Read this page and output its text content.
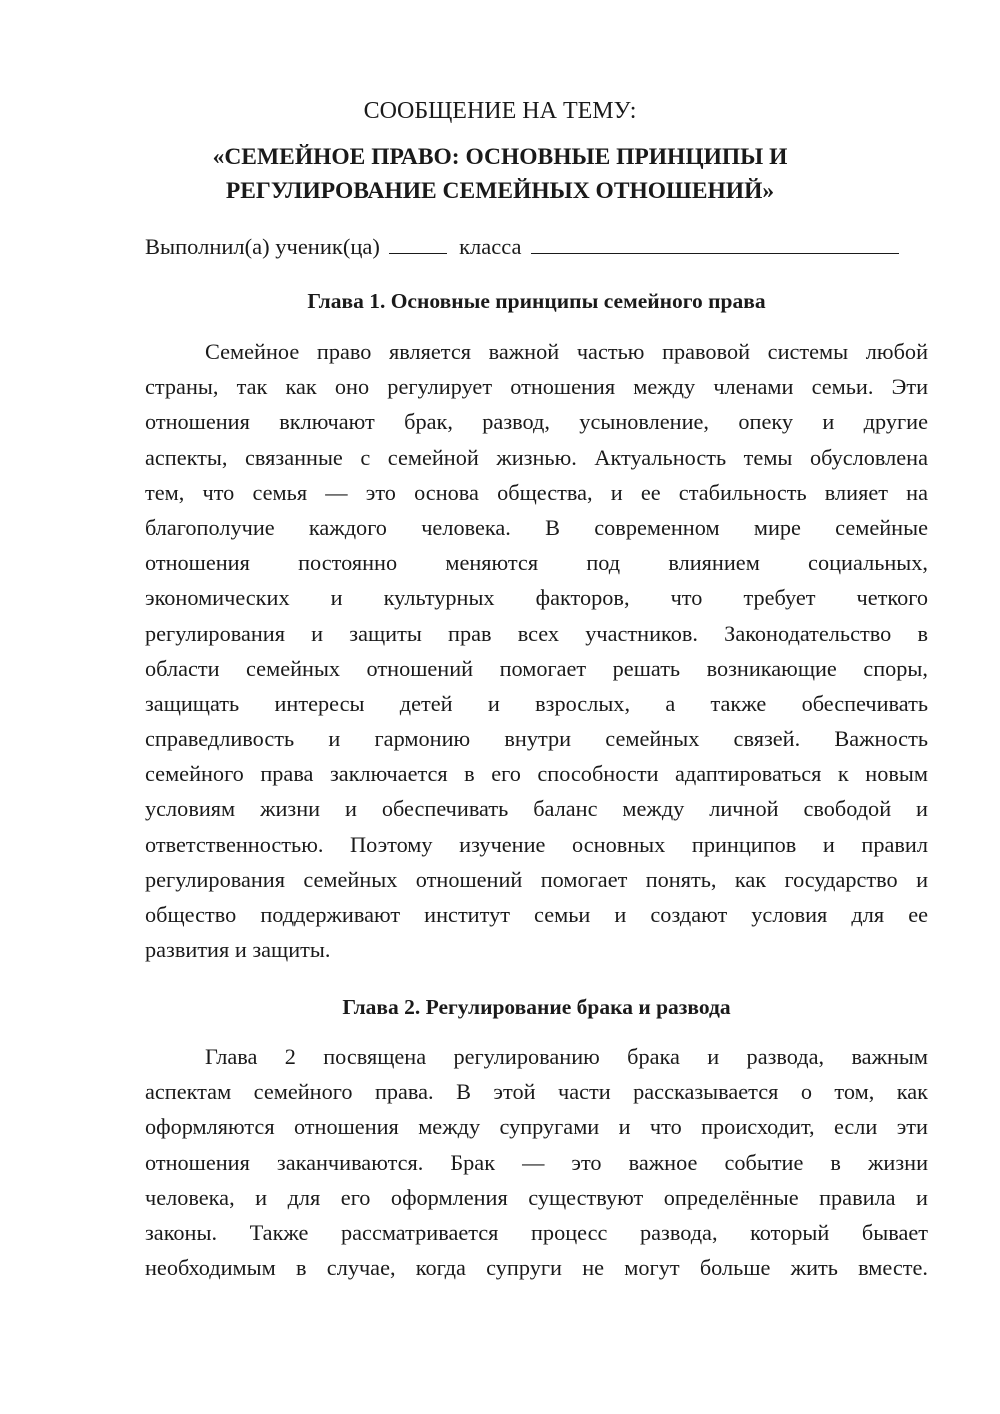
СООБЩЕНИЕ НА ТЕМУ:
«СЕМЕЙНОЕ ПРАВО: ОСНОВНЫЕ ПРИНЦИПЫ И
РЕГУЛИРОВАНИЕ СЕМЕЙНЫХ ОТНОШЕНИЙ»
Выполнил(а) ученик(ца)	класса
Глава 1. Основные принципы семейного права
Семейное право является важной частью правовой системы любой
страны, так как оно регулирует отношения между членами семьи. Эти
отношения включают брак, развод, усыновление, опеку и другие
аспекты, связанные с семейной жизнью. Актуальность темы обусловлена
тем, что семья — это основа общества, и ее стабильность влияет на
благополучие каждого человека. В современном мире семейные
отношения постоянно меняются под влиянием социальных,
экономических и культурных факторов, что требует четкого
регулирования и защиты прав всех участников. Законодательство в
области семейных отношений помогает решать возникающие споры,
защищать интересы детей и взрослых, а также обеспечивать
справедливость и гармонию внутри семейных связей. Важность
семейного права заключается в его способности адаптироваться к новым
условиям жизни и обеспечивать баланс между личной свободой и
ответственностью. Поэтому изучение основных принципов и правил
регулирования семейных отношений помогает понять, как государство и
общество поддерживают институт семьи и создают условия для ее
развития и защиты.
Глава 2. Регулирование брака и развода
Глава 2 посвящена регулированию брака и развода, важным
аспектам семейного права. В этой части рассказывается о том, как
оформляются отношения между супругами и что происходит, если эти
отношения заканчиваются. Брак — это важное событие в жизни
человека, и для его оформления существуют определённые правила и
законы. Также рассматривается процесс развода, который бывает
необходимым в случае, когда супруги не могут больше жить вместе.
